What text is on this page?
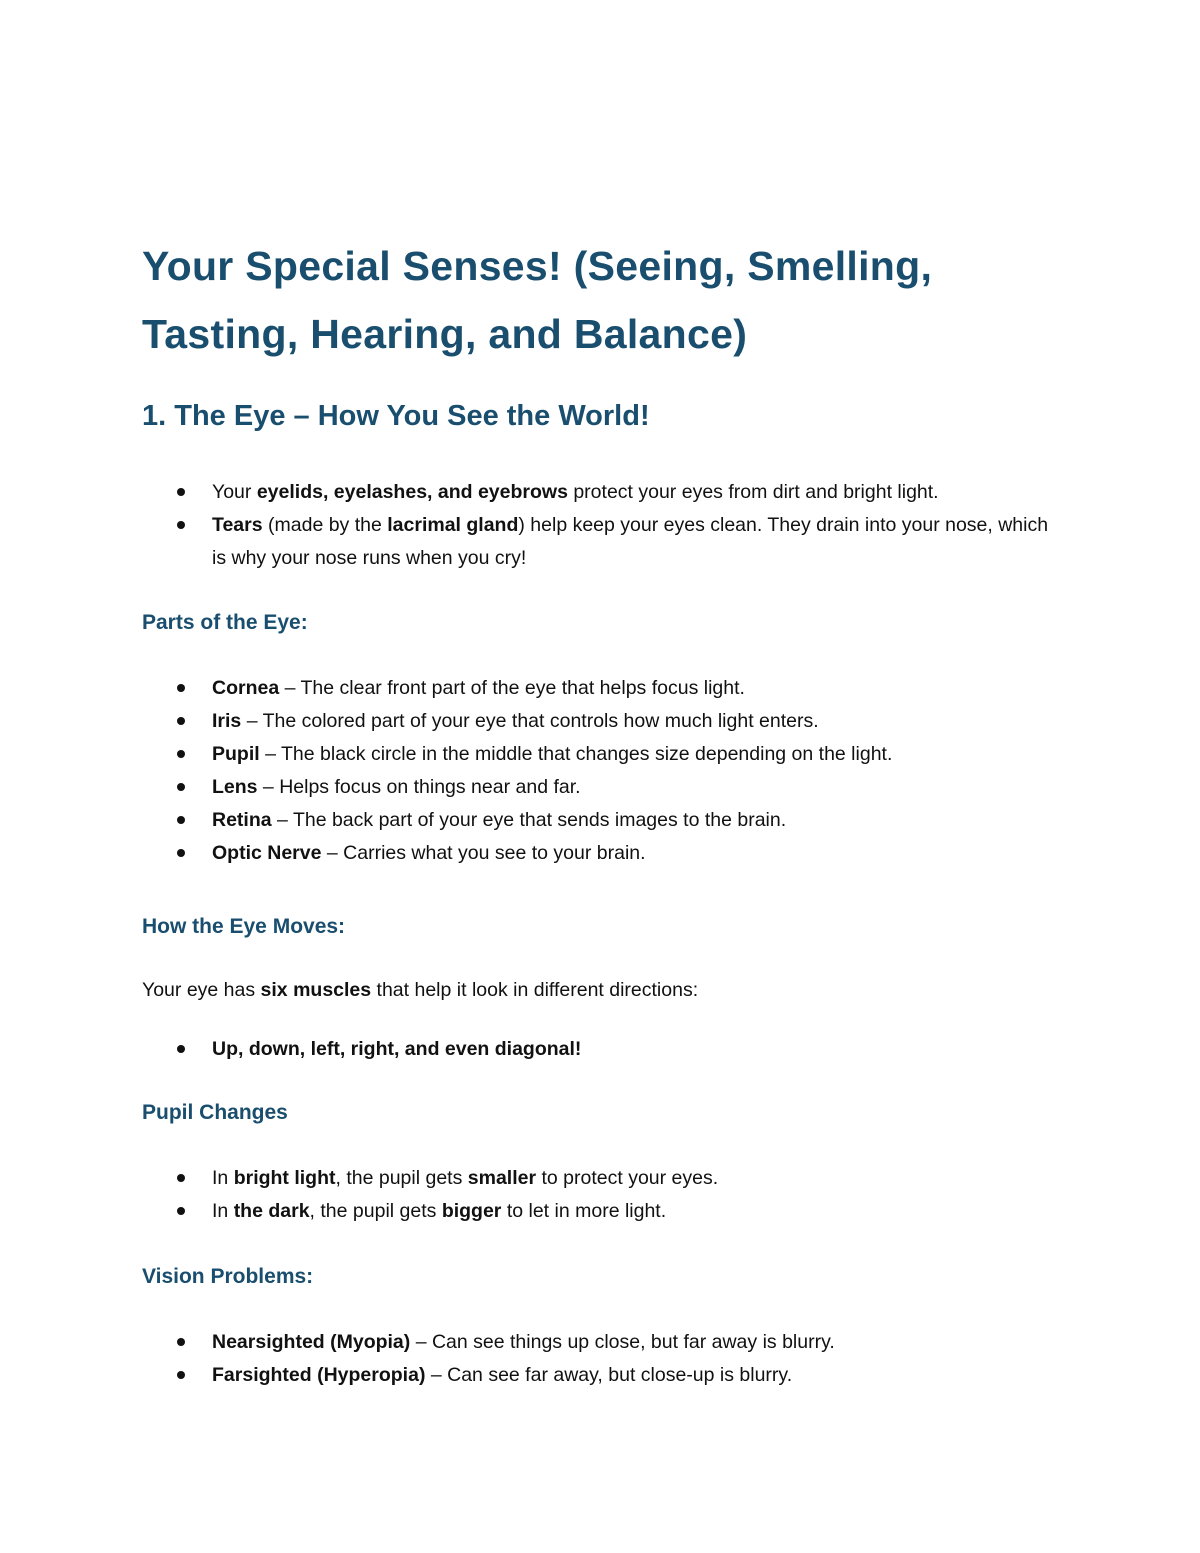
Your Special Senses! (Seeing, Smelling, Tasting, Hearing, and Balance)
1. The Eye – How You See the World!
Your eyelids, eyelashes, and eyebrows protect your eyes from dirt and bright light.
Tears (made by the lacrimal gland) help keep your eyes clean. They drain into your nose, which is why your nose runs when you cry!
Parts of the Eye:
Cornea – The clear front part of the eye that helps focus light.
Iris – The colored part of your eye that controls how much light enters.
Pupil – The black circle in the middle that changes size depending on the light.
Lens – Helps focus on things near and far.
Retina – The back part of your eye that sends images to the brain.
Optic Nerve – Carries what you see to your brain.
How the Eye Moves:

Your eye has six muscles that help it look in different directions:

Up, down, left, right, and even diagonal!
Pupil Changes
In bright light, the pupil gets smaller to protect your eyes.
In the dark, the pupil gets bigger to let in more light.
Vision Problems:
Nearsighted (Myopia) – Can see things up close, but far away is blurry.
Farsighted (Hyperopia) – Can see far away, but close-up is blurry.
